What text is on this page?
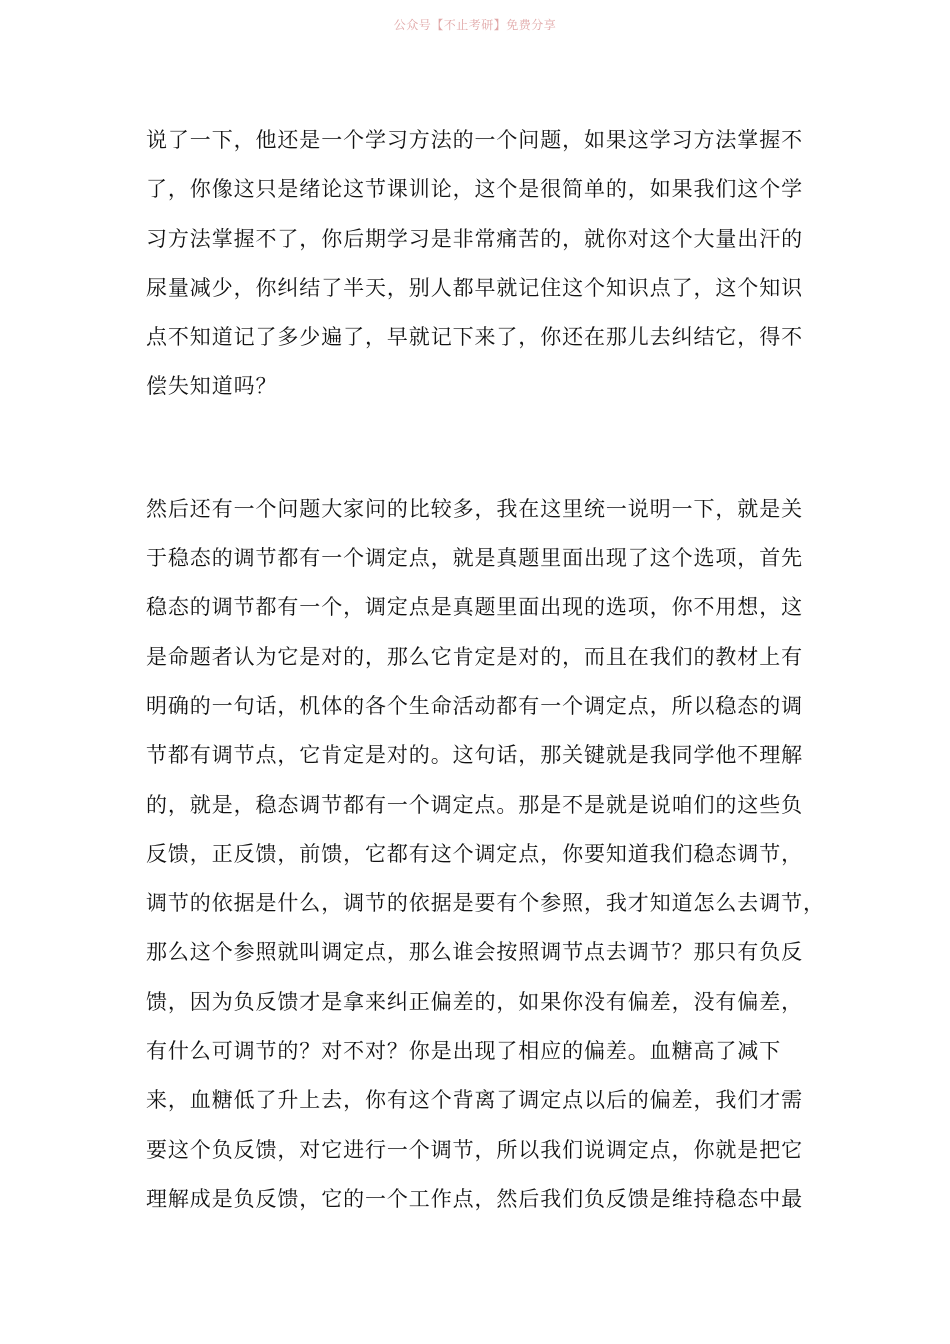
公众号【不止考研】免费分享

说了一下，他还是一个学习方法的一个问题，如果这学习方法掌握不
了，你像这只是绪论这节课训论，这个是很简单的，如果我们这个学
习方法掌握不了，你后期学习是非常痛苦的，就你对这个大量出汗的
尿量减少，你纠结了半天，别人都早就记住这个知识点了，这个知识
点不知道记了多少遍了，早就记下来了，你还在那儿去纠结它，得不
偿失知道吗？

然后还有一个问题大家问的比较多，我在这里统一说明一下，就是关
于稳态的调节都有一个调定点，就是真题里面出现了这个选项，首先
稳态的调节都有一个，调定点是真题里面出现的选项，你不用想，这
是命题者认为它是对的，那么它肯定是对的，而且在我们的教材上有
明确的一句话，机体的各个生命活动都有一个调定点，所以稳态的调
节都有调节点，它肯定是对的。这句话，那关键就是我同学他不理解
的，就是，稳态调节都有一个调定点。那是不是就是说咱们的这些负
反馈，正反馈，前馈，它都有这个调定点，你要知道我们稳态调节，
调节的依据是什么，调节的依据是要有个参照，我才知道怎么去调节，
那么这个参照就叫调定点，那么谁会按照调节点去调节？那只有负反
馈，因为负反馈才是拿来纠正偏差的，如果你没有偏差，没有偏差，
有什么可调节的？对不对？你是出现了相应的偏差。血糖高了减下
来，血糖低了升上去，你有这个背离了调定点以后的偏差，我们才需
要这个负反馈，对它进行一个调节，所以我们说调定点，你就是把它
理解成是负反馈，它的一个工作点，然后我们负反馈是维持稳态中最
